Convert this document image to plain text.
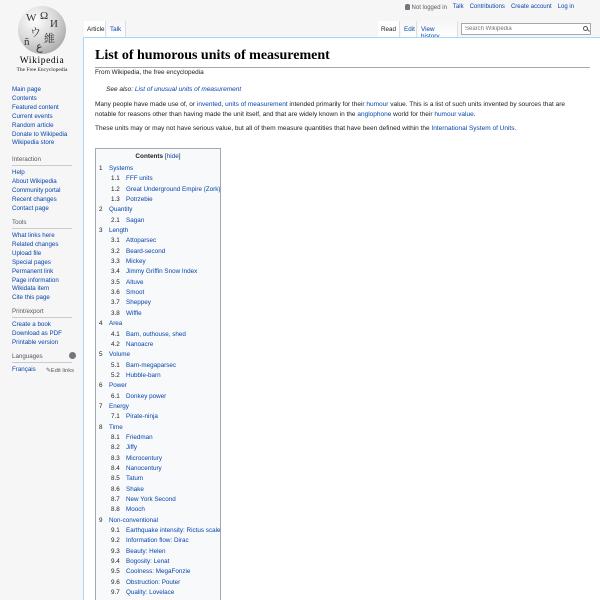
W Ω
И
ウ 維
ñ ع
Wikipedia
The Free Encyclopedia
Main page
Contents
Featured content
Current events
Random article
Donate to Wikipedia
Wikipedia store
Interaction
Help
About Wikipedia
Community portal
Recent changes
Contact page
Tools
What links here
Related changes
Upload file
Special pages
Permanent link
Page information
Wikidata item
Cite this page
Print/export
Create a book
Download as PDF
Printable version
Languages
Français	✎Edit links
Not logged in Talk Contributions Create account Log in
Article Talk	Read	Edit View
Search Wikipedia
List of humorous units of measurement
From Wikipedia, the free encyclopedia
See also: List of unusual units of measurement

Many people have made use of, or invented, units of measurement intended primarily for their humour value. This is a list of such units invented by sources that are notable for reasons other than having made the unit itself, and that are widely known in the anglophone world for their humour value.

These units may or may not have serious value, but all of them measure quantities that have been defined within the International System of Units.

Contents [hide]
1 Systems
1.1 FFF units
1.2 Great Underground Empire (Zork)
1.3 Potrzebie
2 Quantity
2.1 Sagan
3 Length
3.1 Attoparsec
3.2 Beard-second
3.3 Mickey
3.4 Jimmy Griffin Snow Index
3.5 Altuve
3.6 Smoot
3.7 Sheppey
3.8 Wiffle
4 Area
4.1 Barn, outhouse, shed
4.2 Nanoacre
5 Volume
5.1 Barn-megaparsec
5.2 Hubble-barn
6 Power
6.1 Donkey power
7 Energy
7.1 Pirate-ninja
8 Time
8.1 Friedman
8.2 Jiffy
8.3 Microcentury
8.4 Nanocentury
8.5 Tatum
8.6 Shake
8.7 New York Second
8.8 Mooch
9 Non-conventional
9.1 Earthquake intensity: Rictus scale
9.2 Information flow: Dirac
9.3 Beauty: Helen
9.4 Bogosity: Lenat
9.5 Coolness: MegaFonzie
9.6 Obstruction: Pouter
9.7 Quality: Lovelace
